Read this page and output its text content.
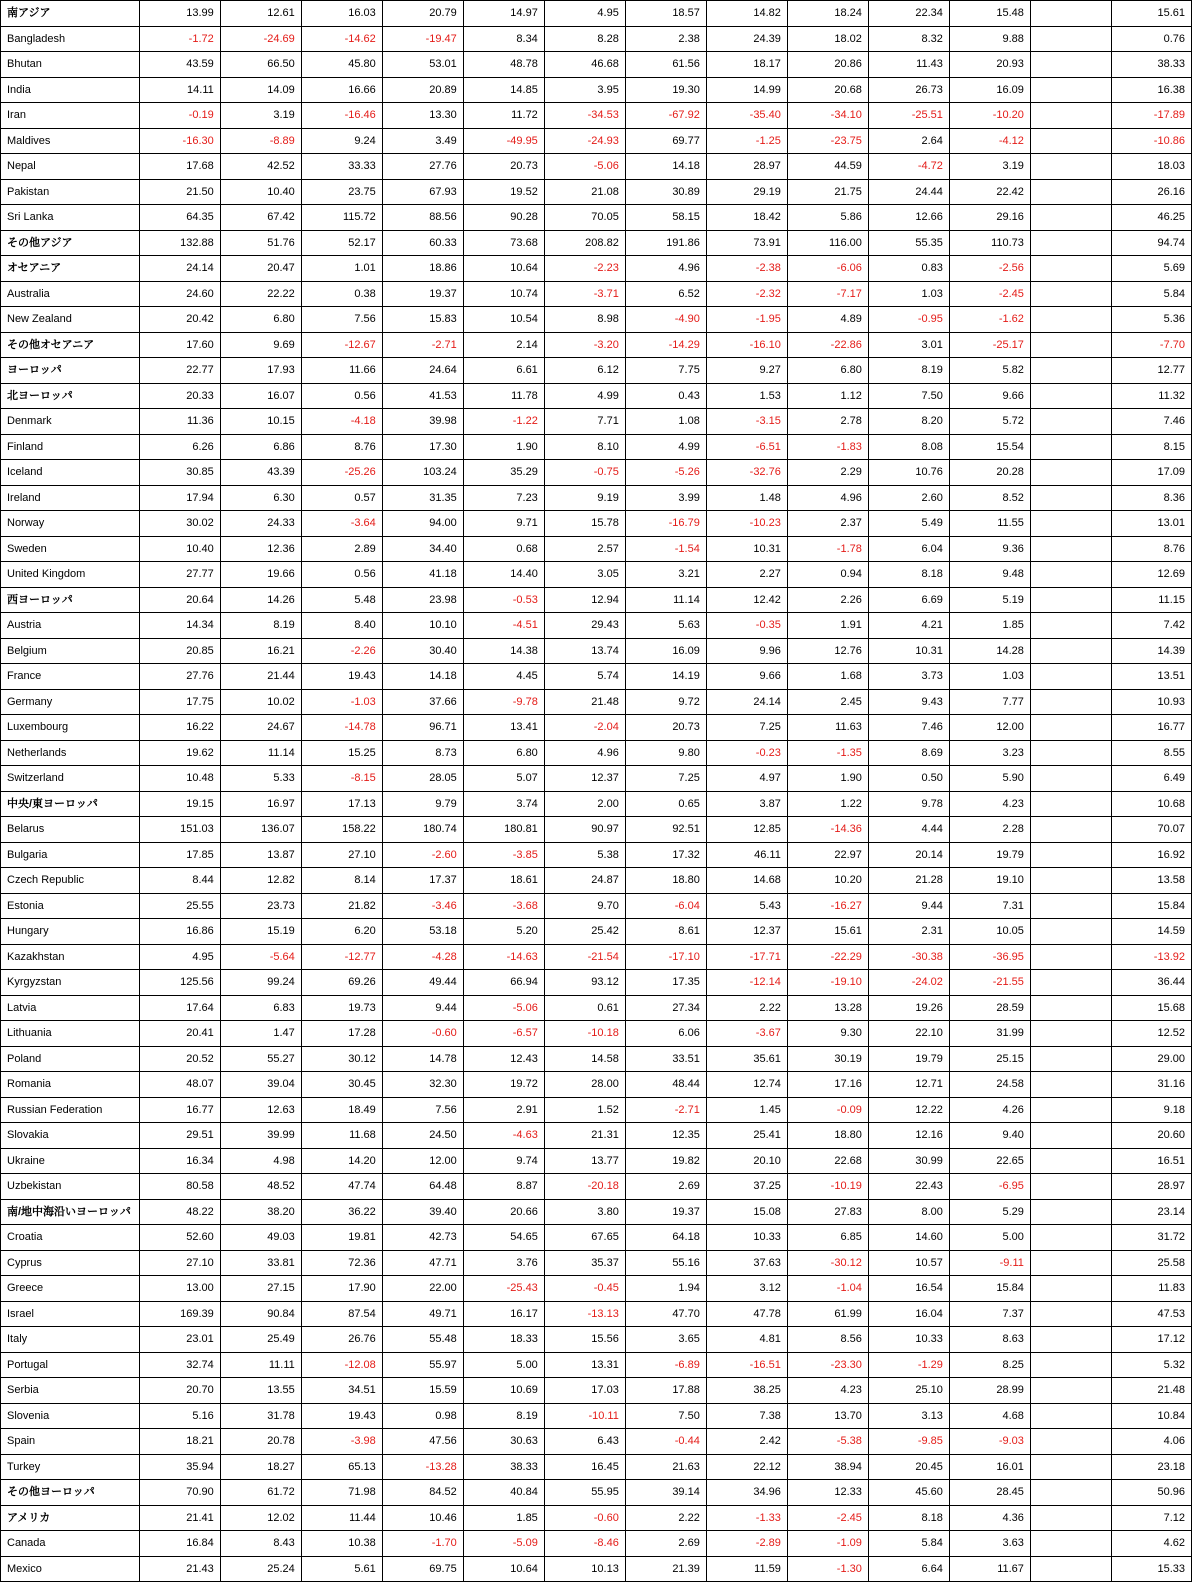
南アジア	13.99	12.61	16.03	20.79	14.97	4.95	18.57	14.82	18.24	22.34	15.48		15.61
Bangladesh	-1.72	-24.69	-14.62	-19.47	8.34	8.28	2.38	24.39	18.02	8.32	9.88		0.76
Bhutan	43.59	66.50	45.80	53.01	48.78	46.68	61.56	18.17	20.86	11.43	20.93		38.33
India	14.11	14.09	16.66	20.89	14.85	3.95	19.30	14.99	20.68	26.73	16.09		16.38
Iran	-0.19	3.19	-16.46	13.30	11.72	-34.53	-67.92	-35.40	-34.10	-25.51	-10.20		-17.89
Maldives	-16.30	-8.89	9.24	3.49	-49.95	-24.93	69.77	-1.25	-23.75	2.64	-4.12		-10.86
Nepal	17.68	42.52	33.33	27.76	20.73	-5.06	14.18	28.97	44.59	-4.72	3.19		18.03
Pakistan	21.50	10.40	23.75	67.93	19.52	21.08	30.89	29.19	21.75	24.44	22.42		26.16
Sri Lanka	64.35	67.42	115.72	88.56	90.28	70.05	58.15	18.42	5.86	12.66	29.16		46.25
その他アジア	132.88	51.76	52.17	60.33	73.68	208.82	191.86	73.91	116.00	55.35	110.73		94.74
オセアニア	24.14	20.47	1.01	18.86	10.64	-2.23	4.96	-2.38	-6.06	0.83	-2.56		5.69
Australia	24.60	22.22	0.38	19.37	10.74	-3.71	6.52	-2.32	-7.17	1.03	-2.45		5.84
New Zealand	20.42	6.80	7.56	15.83	10.54	8.98	-4.90	-1.95	4.89	-0.95	-1.62		5.36
その他オセアニア	17.60	9.69	-12.67	-2.71	2.14	-3.20	-14.29	-16.10	-22.86	3.01	-25.17		-7.70
ヨーロッパ	22.77	17.93	11.66	24.64	6.61	6.12	7.75	9.27	6.80	8.19	5.82		12.77
北ヨーロッパ	20.33	16.07	0.56	41.53	11.78	4.99	0.43	1.53	1.12	7.50	9.66		11.32
Denmark	11.36	10.15	-4.18	39.98	-1.22	7.71	1.08	-3.15	2.78	8.20	5.72		7.46
Finland	6.26	6.86	8.76	17.30	1.90	8.10	4.99	-6.51	-1.83	8.08	15.54		8.15
Iceland	30.85	43.39	-25.26	103.24	35.29	-0.75	-5.26	-32.76	2.29	10.76	20.28		17.09
Ireland	17.94	6.30	0.57	31.35	7.23	9.19	3.99	1.48	4.96	2.60	8.52		8.36
Norway	30.02	24.33	-3.64	94.00	9.71	15.78	-16.79	-10.23	2.37	5.49	11.55		13.01
Sweden	10.40	12.36	2.89	34.40	0.68	2.57	-1.54	10.31	-1.78	6.04	9.36		8.76
United Kingdom	27.77	19.66	0.56	41.18	14.40	3.05	3.21	2.27	0.94	8.18	9.48		12.69
西ヨーロッパ	20.64	14.26	5.48	23.98	-0.53	12.94	11.14	12.42	2.26	6.69	5.19		11.15
Austria	14.34	8.19	8.40	10.10	-4.51	29.43	5.63	-0.35	1.91	4.21	1.85		7.42
Belgium	20.85	16.21	-2.26	30.40	14.38	13.74	16.09	9.96	12.76	10.31	14.28		14.39
France	27.76	21.44	19.43	14.18	4.45	5.74	14.19	9.66	1.68	3.73	1.03		13.51
Germany	17.75	10.02	-1.03	37.66	-9.78	21.48	9.72	24.14	2.45	9.43	7.77		10.93
Luxembourg	16.22	24.67	-14.78	96.71	13.41	-2.04	20.73	7.25	11.63	7.46	12.00		16.77
Netherlands	19.62	11.14	15.25	8.73	6.80	4.96	9.80	-0.23	-1.35	8.69	3.23		8.55
Switzerland	10.48	5.33	-8.15	28.05	5.07	12.37	7.25	4.97	1.90	0.50	5.90		6.49
中央/東ヨーロッパ	19.15	16.97	17.13	9.79	3.74	2.00	0.65	3.87	1.22	9.78	4.23		10.68
Belarus	151.03	136.07	158.22	180.74	180.81	90.97	92.51	12.85	-14.36	4.44	2.28		70.07
Bulgaria	17.85	13.87	27.10	-2.60	-3.85	5.38	17.32	46.11	22.97	20.14	19.79		16.92
Czech Republic	8.44	12.82	8.14	17.37	18.61	24.87	18.80	14.68	10.20	21.28	19.10		13.58
Estonia	25.55	23.73	21.82	-3.46	-3.68	9.70	-6.04	5.43	-16.27	9.44	7.31		15.84
Hungary	16.86	15.19	6.20	53.18	5.20	25.42	8.61	12.37	15.61	2.31	10.05		14.59
Kazakhstan	4.95	-5.64	-12.77	-4.28	-14.63	-21.54	-17.10	-17.71	-22.29	-30.38	-36.95		-13.92
Kyrgyzstan	125.56	99.24	69.26	49.44	66.94	93.12	17.35	-12.14	-19.10	-24.02	-21.55		36.44
Latvia	17.64	6.83	19.73	9.44	-5.06	0.61	27.34	2.22	13.28	19.26	28.59		15.68
Lithuania	20.41	1.47	17.28	-0.60	-6.57	-10.18	6.06	-3.67	9.30	22.10	31.99		12.52
Poland	20.52	55.27	30.12	14.78	12.43	14.58	33.51	35.61	30.19	19.79	25.15		29.00
Romania	48.07	39.04	30.45	32.30	19.72	28.00	48.44	12.74	17.16	12.71	24.58		31.16
Russian Federation	16.77	12.63	18.49	7.56	2.91	1.52	-2.71	1.45	-0.09	12.22	4.26		9.18
Slovakia	29.51	39.99	11.68	24.50	-4.63	21.31	12.35	25.41	18.80	12.16	9.40		20.60
Ukraine	16.34	4.98	14.20	12.00	9.74	13.77	19.82	20.10	22.68	30.99	22.65		16.51
Uzbekistan	80.58	48.52	47.74	64.48	8.87	-20.18	2.69	37.25	-10.19	22.43	-6.95		28.97
南/地中海沿いヨーロッパ	48.22	38.20	36.22	39.40	20.66	3.80	19.37	15.08	27.83	8.00	5.29		23.14
Croatia	52.60	49.03	19.81	42.73	54.65	67.65	64.18	10.33	6.85	14.60	5.00		31.72
Cyprus	27.10	33.81	72.36	47.71	3.76	35.37	55.16	37.63	-30.12	10.57	-9.11		25.58
Greece	13.00	27.15	17.90	22.00	-25.43	-0.45	1.94	3.12	-1.04	16.54	15.84		11.83
Israel	169.39	90.84	87.54	49.71	16.17	-13.13	47.70	47.78	61.99	16.04	7.37		47.53
Italy	23.01	25.49	26.76	55.48	18.33	15.56	3.65	4.81	8.56	10.33	8.63		17.12
Portugal	32.74	11.11	-12.08	55.97	5.00	13.31	-6.89	-16.51	-23.30	-1.29	8.25		5.32
Serbia	20.70	13.55	34.51	15.59	10.69	17.03	17.88	38.25	4.23	25.10	28.99		21.48
Slovenia	5.16	31.78	19.43	0.98	8.19	-10.11	7.50	7.38	13.70	3.13	4.68		10.84
Spain	18.21	20.78	-3.98	47.56	30.63	6.43	-0.44	2.42	-5.38	-9.85	-9.03		4.06
Turkey	35.94	18.27	65.13	-13.28	38.33	16.45	21.63	22.12	38.94	20.45	16.01		23.18
その他ヨーロッパ	70.90	61.72	71.98	84.52	40.84	55.95	39.14	34.96	12.33	45.60	28.45		50.96
アメリカ	21.41	12.02	11.44	10.46	1.85	-0.60	2.22	-1.33	-2.45	8.18	4.36		7.12
Canada	16.84	8.43	10.38	-1.70	-5.09	-8.46	2.69	-2.89	-1.09	5.84	3.63		4.62
Mexico	21.43	25.24	5.61	69.75	10.64	10.13	21.39	11.59	-1.30	6.64	11.67		15.33
